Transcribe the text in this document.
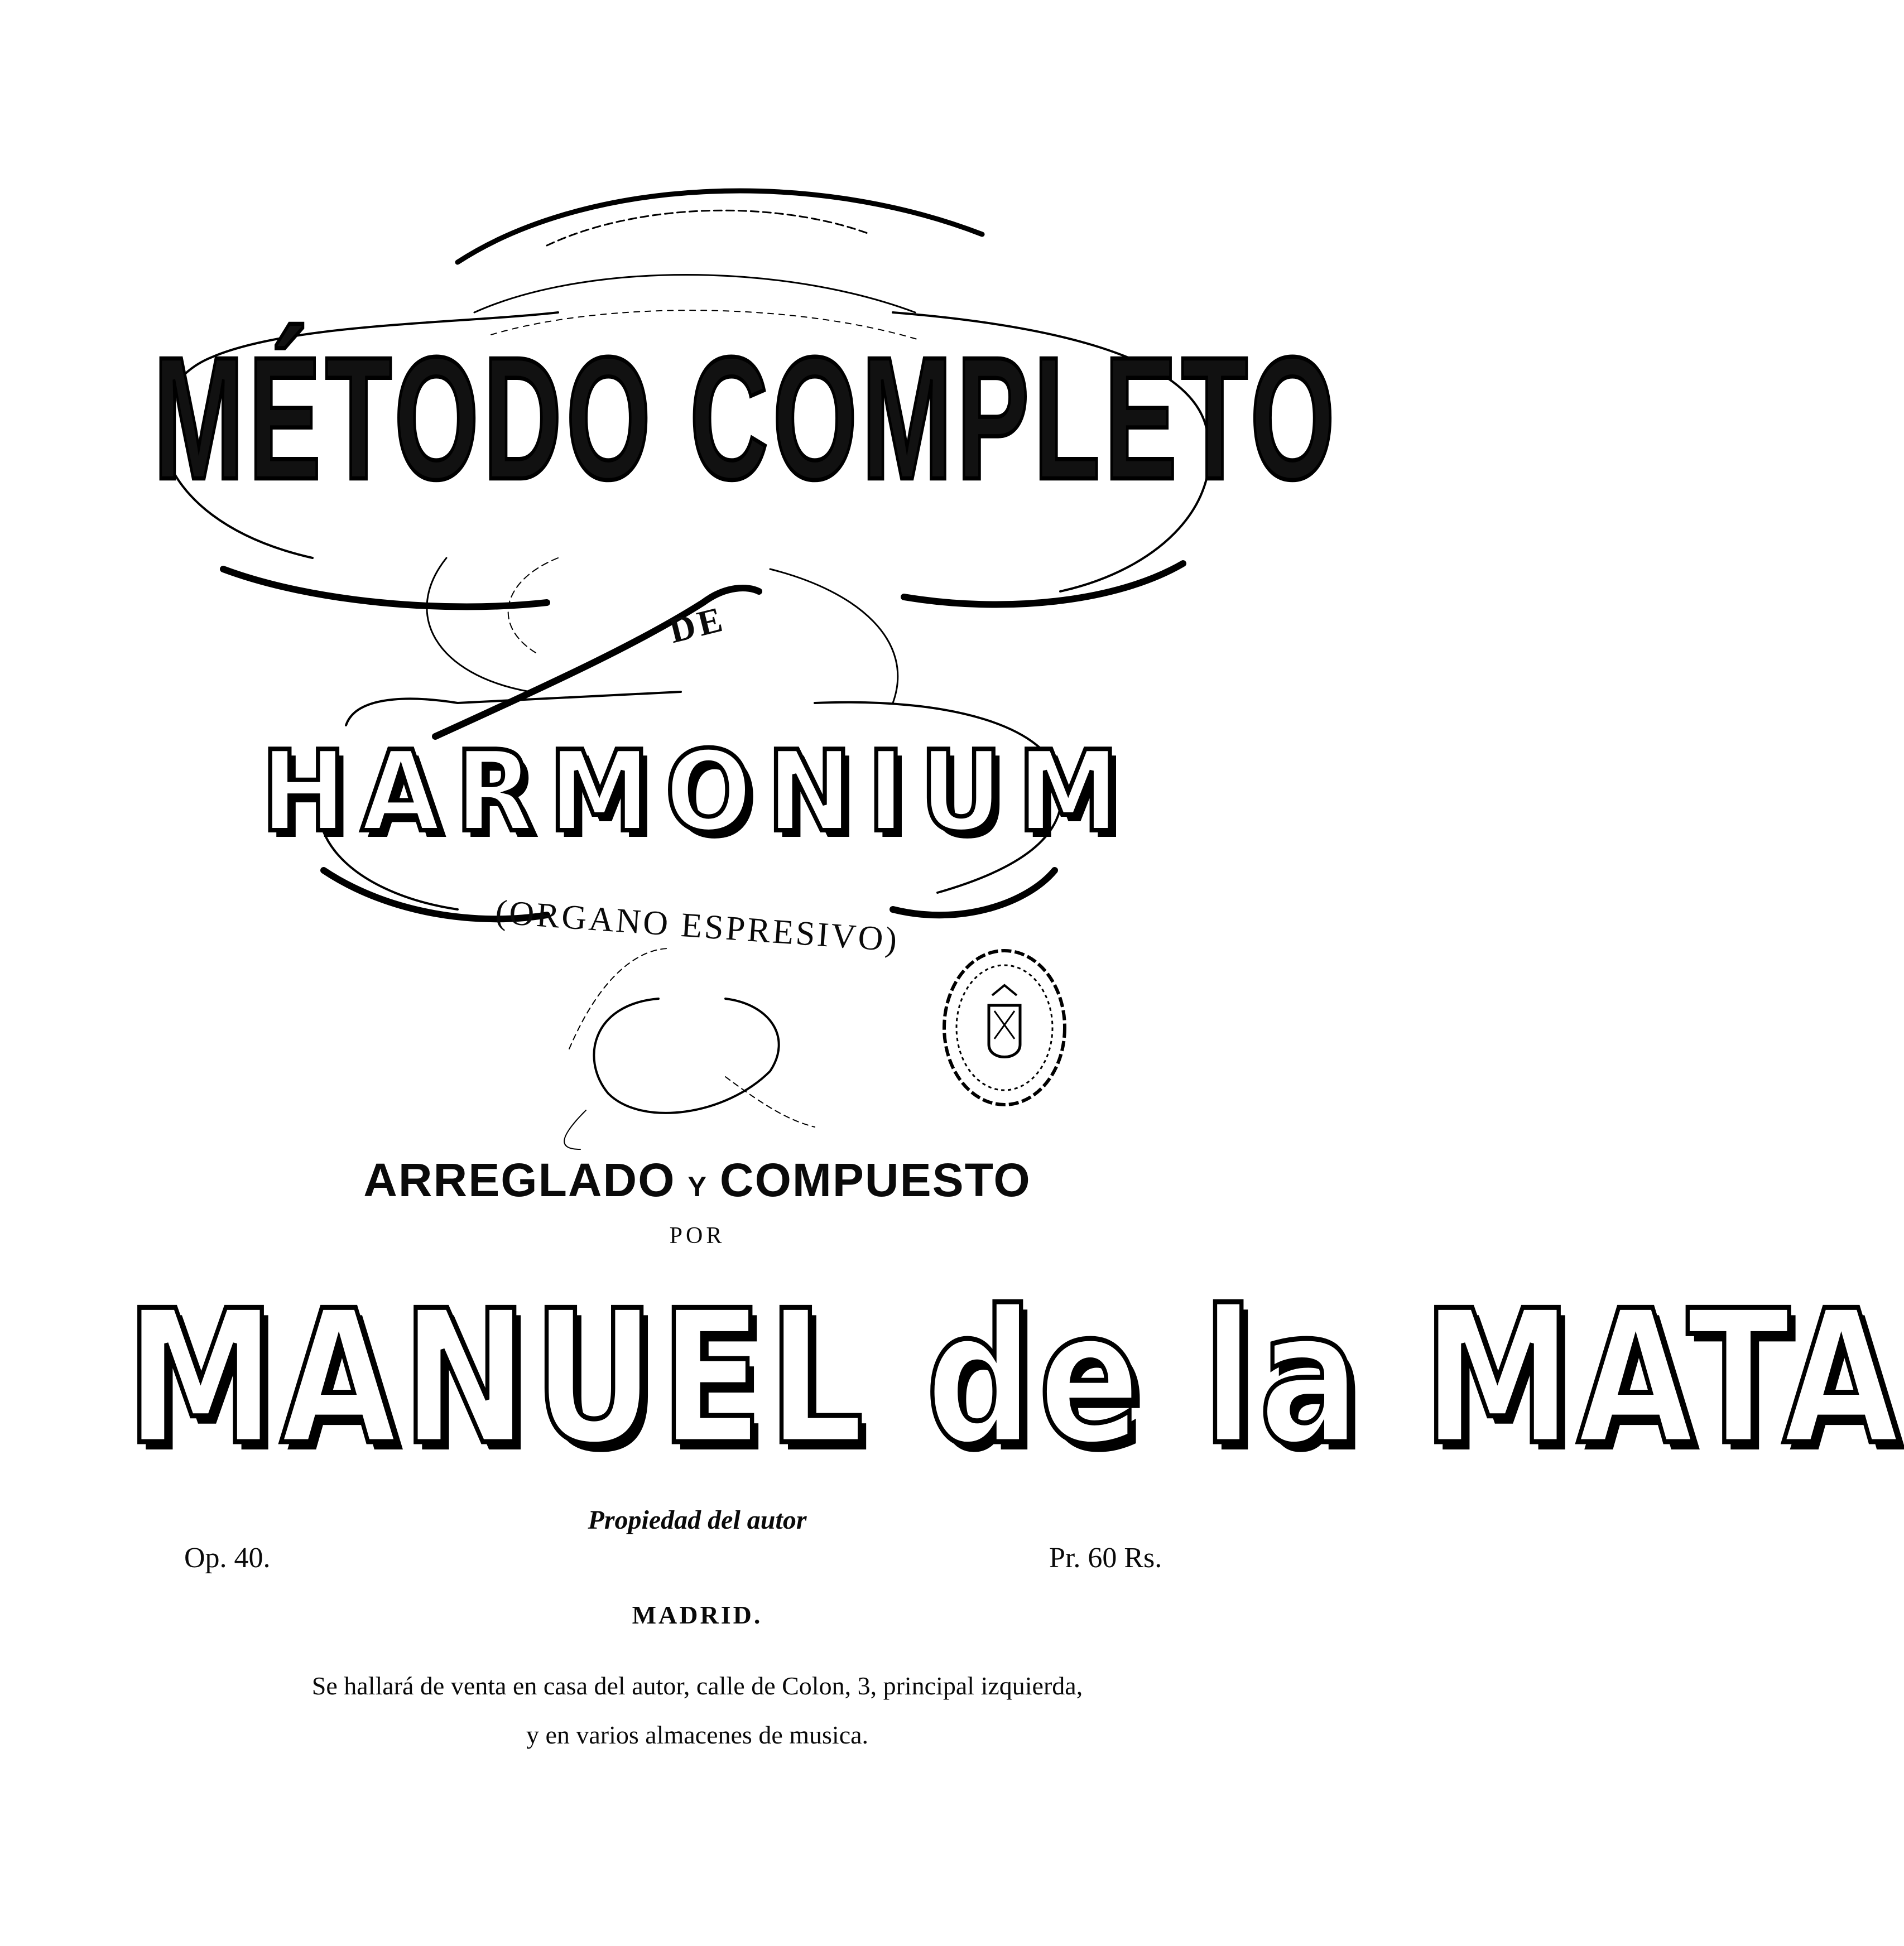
MÉTODO COMPLETO
DE
HARMONIUM
(ORGANO ESPRESIVO)
ARREGLADO Y COMPUESTO
POR
MANUEL de la MATA
Propiedad del autor
Op. 40.	Pr. 60 Rs.
MADRID.
Se hallará de venta en casa del autor, calle de Colon, 3, principal izquierda,
y en varios almacenes de musica.
